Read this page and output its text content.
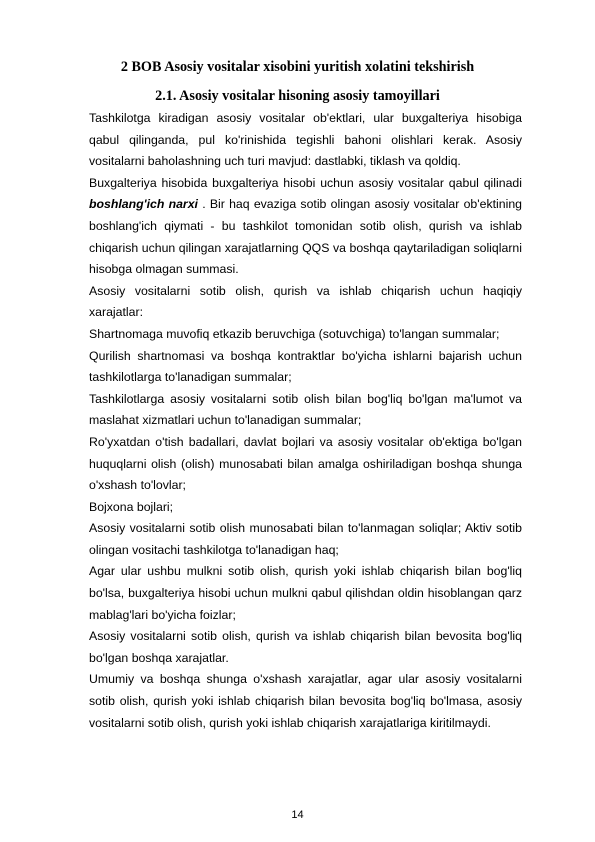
2 BOB Asosiy vositalar xisobini yuritish xolatini tekshirish
2.1. Asosiy vositalar hisoning asosiy tamoyillari

Tashkilotga kiradigan asosiy vositalar ob'ektlari, ular buxgalteriya hisobiga qabul qilinganda, pul ko'rinishida tegishli bahoni olishlari kerak. Asosiy vositalarni baholashning uch turi mavjud: dastlabki, tiklash va qoldiq.

Buxgalteriya hisobida buxgalteriya hisobi uchun asosiy vositalar qabul qilinadi boshlang'ich narxi . Bir haq evaziga sotib olingan asosiy vositalar ob'ektining boshlang'ich qiymati - bu tashkilot tomonidan sotib olish, qurish va ishlab chiqarish uchun qilingan xarajatlarning QQS va boshqa qaytariladigan soliqlarni hisobga olmagan summasi.

Asosiy vositalarni sotib olish, qurish va ishlab chiqarish uchun haqiqiy xarajatlar:

Shartnomaga muvofiq etkazib beruvchiga (sotuvchiga) to'langan summalar;

Qurilish shartnomasi va boshqa kontraktlar bo'yicha ishlarni bajarish uchun tashkilotlarga to'lanadigan summalar;

Tashkilotlarga asosiy vositalarni sotib olish bilan bog'liq bo'lgan ma'lumot va maslahat xizmatlari uchun to'lanadigan summalar;

Ro'yxatdan o'tish badallari, davlat bojlari va asosiy vositalar ob'ektiga bo'lgan huquqlarni olish (olish) munosabati bilan amalga oshiriladigan boshqa shunga o'xshash to'lovlar;

Bojxona bojlari;

Asosiy vositalarni sotib olish munosabati bilan to'lanmagan soliqlar; Aktiv sotib olingan vositachi tashkilotga to'lanadigan haq;

Agar ular ushbu mulkni sotib olish, qurish yoki ishlab chiqarish bilan bog'liq bo'lsa, buxgalteriya hisobi uchun mulkni qabul qilishdan oldin hisoblangan qarz mablag'lari bo'yicha foizlar;

Asosiy vositalarni sotib olish, qurish va ishlab chiqarish bilan bevosita bog'liq bo'lgan boshqa xarajatlar.

Umumiy va boshqa shunga o'xshash xarajatlar, agar ular asosiy vositalarni sotib olish, qurish yoki ishlab chiqarish bilan bevosita bog'liq bo'lmasa, asosiy vositalarni sotib olish, qurish yoki ishlab chiqarish xarajatlariga kiritilmaydi.

14
